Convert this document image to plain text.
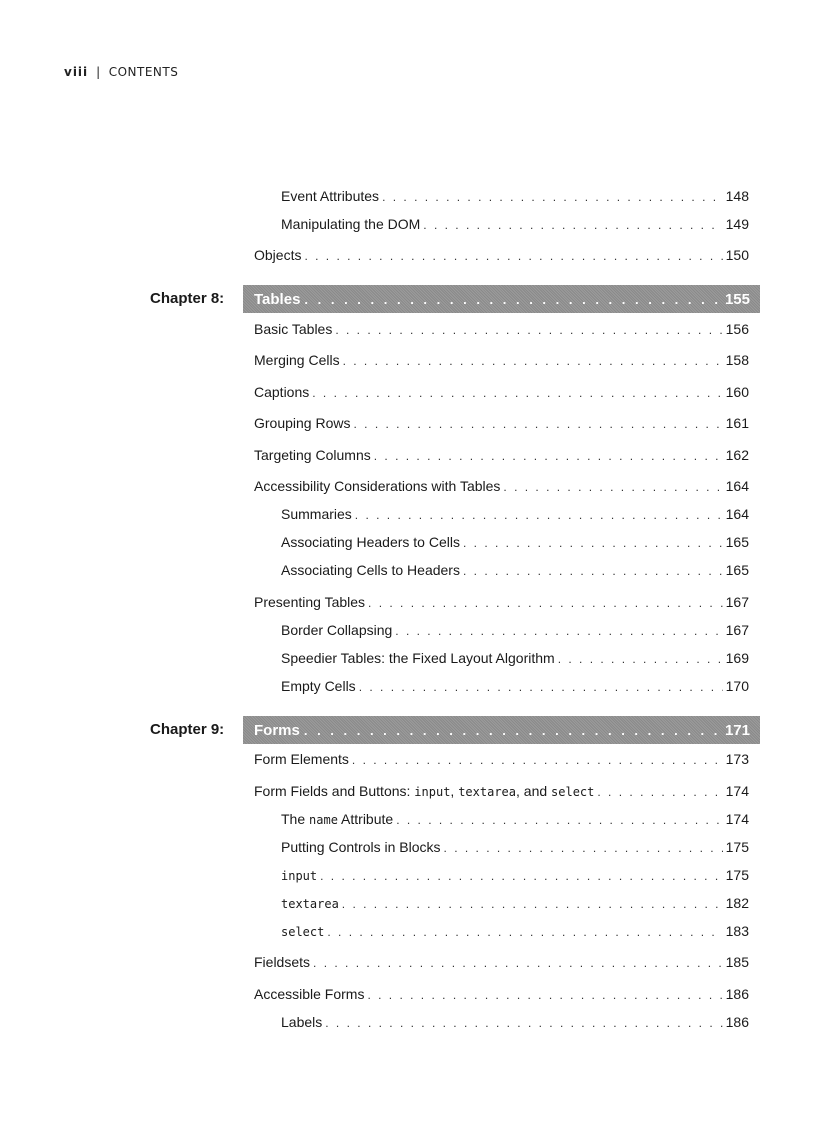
viii | CONTENTS
Event Attributes . . .	148
Manipulating the DOM . . .	149
Objects . . .	150
Chapter 8: Tables . . .	155
Basic Tables . . .	156
Merging Cells . . .	158
Captions . . .	160
Grouping Rows . . .	161
Targeting Columns . . .	162
Accessibility Considerations with Tables . . .	164
Summaries . . .	164
Associating Headers to Cells . . .	165
Associating Cells to Headers . . .	165
Presenting Tables . . .	167
Border Collapsing . . .	167
Speedier Tables: the Fixed Layout Algorithm . . .	169
Empty Cells . . .	170
Chapter 9: Forms . . .	171
Form Elements . . .	173
Form Fields and Buttons: input, textarea, and select . . .	174
The name Attribute . . .	174
Putting Controls in Blocks . . .	175
input . . .	175
textarea . . .	182
select . . .	183
Fieldsets . . .	185
Accessible Forms . . .	186
Labels . . .	186
